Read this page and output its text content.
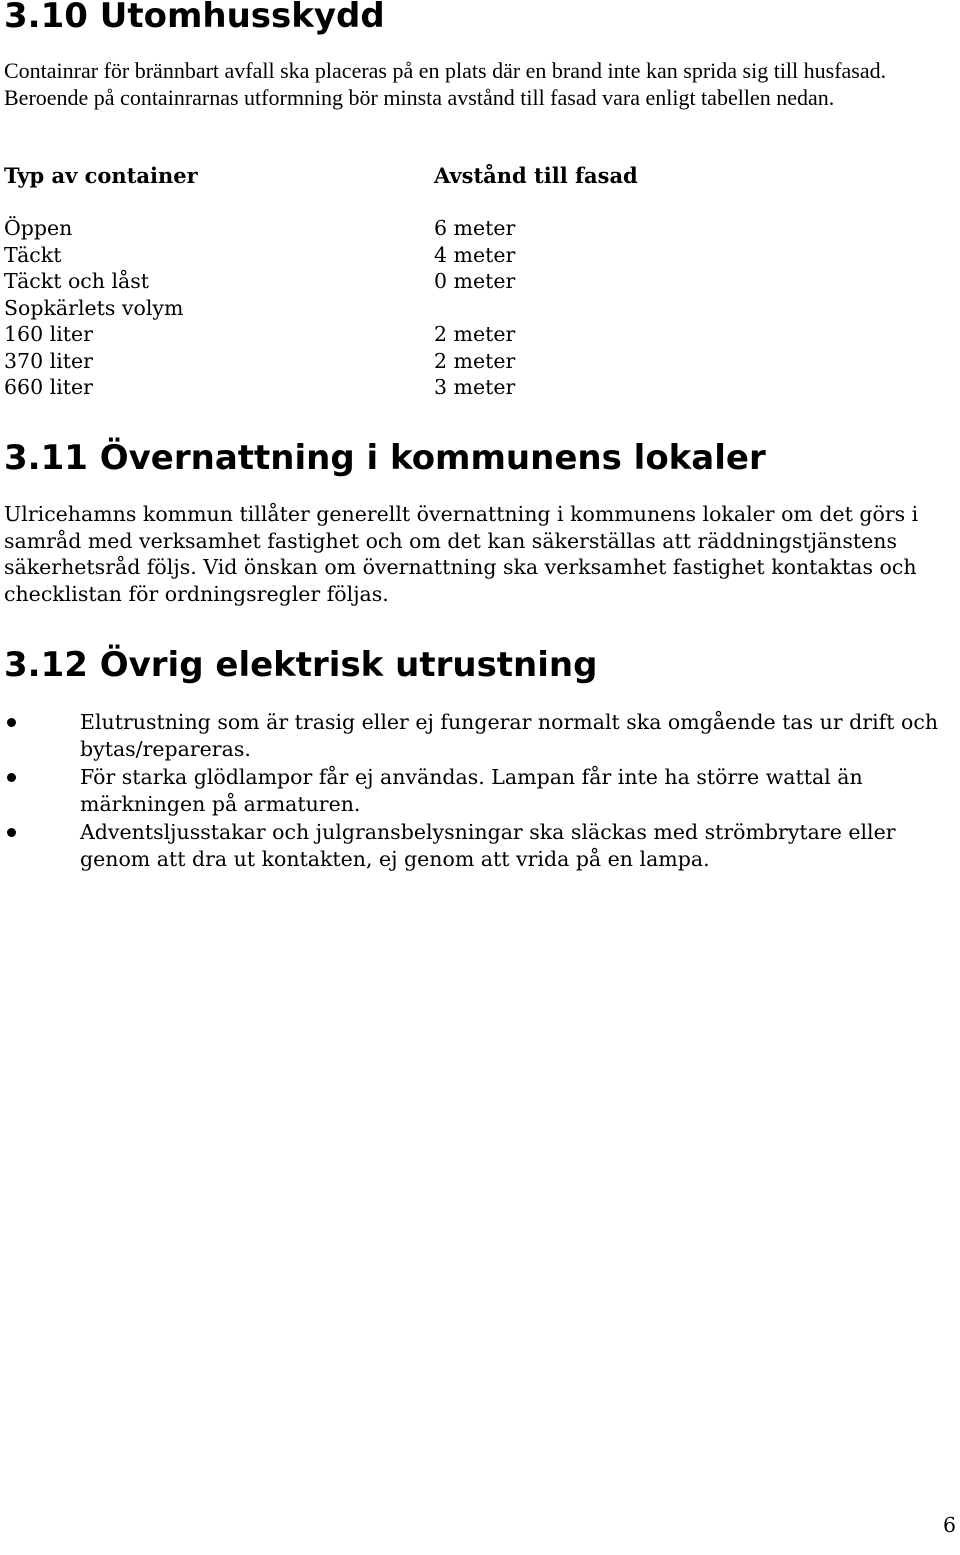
3.10 Utomhusskydd

Containrar för brännbart avfall ska placeras på en plats där en brand inte kan sprida sig till husfasad. Beroende på containrarnas utformning bör minsta avstånd till fasad vara enligt tabellen nedan.

Typ av container
Öppen
Täckt
Täckt och låst
Sopkärlets volym
160 liter
370 liter
660 liter
Avstånd till fasad
6 meter
4 meter
0 meter
2 meter
2 meter
3 meter
3.11 Övernattning i kommunens lokaler

Ulricehamns kommun tillåter generellt övernattning i kommunens lokaler om det görs i samråd med verksamhet fastighet och om det kan säkerställas att räddningstjänstens säkerhetsråd följs. Vid önskan om övernattning ska verksamhet fastighet kontaktas och checklistan för ordningsregler följas.

3.12 Övrig elektrisk utrustning
Elutrustning som är trasig eller ej fungerar normalt ska omgående tas ur drift och bytas/repareras.
För starka glödlampor får ej användas. Lampan får inte ha större wattal än märkningen på armaturen.
Adventsljusstakar och julgransbelysningar ska släckas med strömbrytare eller genom att dra ut kontakten, ej genom att vrida på en lampa.
6
